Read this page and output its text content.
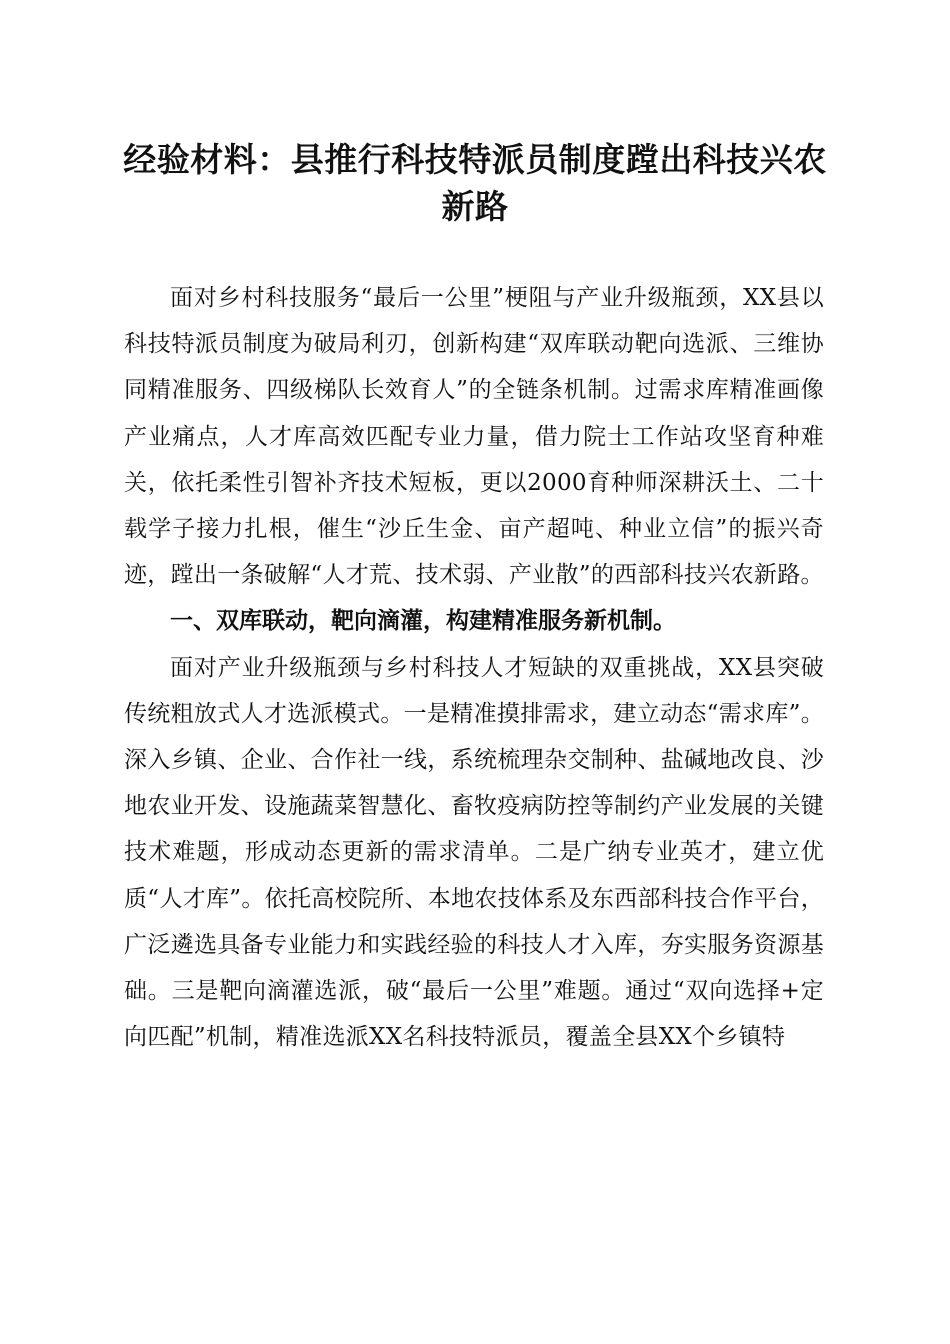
经验材料：县推行科技特派员制度蹚出科技兴农新路

面对乡村科技服务“最后一公里”梗阻与产业升级瓶颈，XX县以科技特派员制度为破局利刃，创新构建“双库联动靶向选派、三维协同精准服务、四级梯队长效育人”的全链条机制。过需求库精准画像产业痛点，人才库高效匹配专业力量，借力院士工作站攻坚育种难关，依托柔性引智补齐技术短板，更以2000育种师深耕沃土、二十载学子接力扎根，催生“沙丘生金、亩产超吨、种业立信”的振兴奇迹，蹚出一条破解“人才荒、技术弱、产业散”的西部科技兴农新路。

一、双库联动，靶向滴灌，构建精准服务新机制。

面对产业升级瓶颈与乡村科技人才短缺的双重挑战，XX县突破传统粗放式人才选派模式。一是精准摸排需求，建立动态“需求库”。深入乡镇、企业、合作社一线，系统梳理杂交制种、盐碱地改良、沙地农业开发、设施蔬菜智慧化、畜牧疫病防控等制约产业发展的关键技术难题，形成动态更新的需求清单。二是广纳专业英才，建立优质“人才库”。依托高校院所、本地农技体系及东西部科技合作平台，广泛遴选具备专业能力和实践经验的科技人才入库，夯实服务资源基础。三是靶向滴灌选派，破“最后一公里”难题。通过“双向选择+定向匹配”机制，精准选派XX名科技特派员，覆盖全县XX个乡镇特
